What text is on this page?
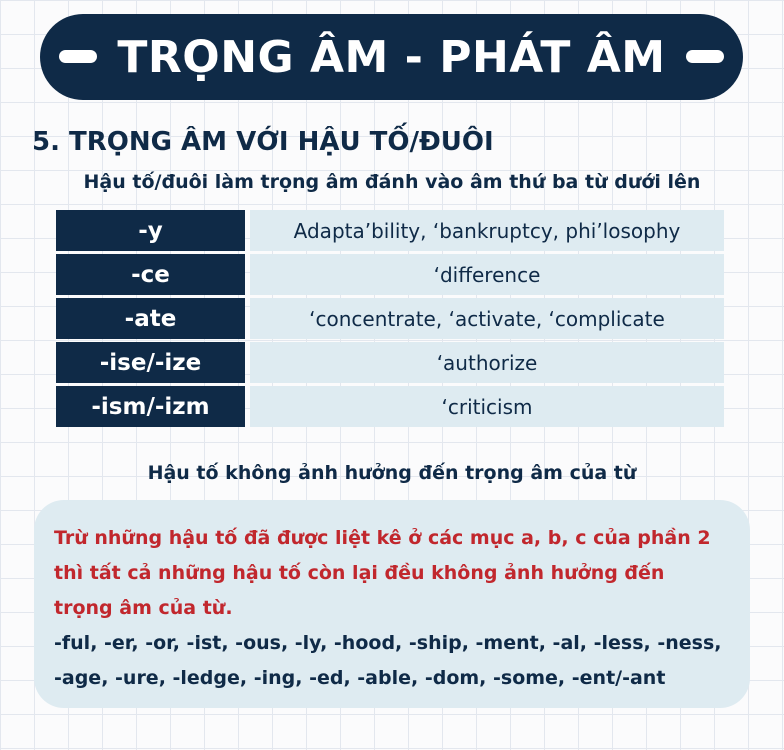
TRỌNG ÂM - PHÁT ÂM
5. TRỌNG ÂM VỚI HẬU TỐ/ĐUÔI
Hậu tố/đuôi làm trọng âm đánh vào âm thứ ba từ dưới lên
-y	Adapta’bility, ‘bankruptcy, phi’losophy
-ce	‘difference
-ate	‘concentrate, ‘activate, ‘complicate
-ise/-ize	‘authorize
-ism/-izm	‘criticism
Hậu tố không ảnh hưởng đến trọng âm của từ

Trừ những hậu tố đã được liệt kê ở các mục a, b, c của phần 2

thì tất cả những hậu tố còn lại đều không ảnh hưởng đến

trọng âm của từ.

-ful, -er, -or, -ist, -ous, -ly, -hood, -ship, -ment, -al, -less, -ness,

-age, -ure, -ledge, -ing, -ed, -able, -dom, -some, -ent/-ant
